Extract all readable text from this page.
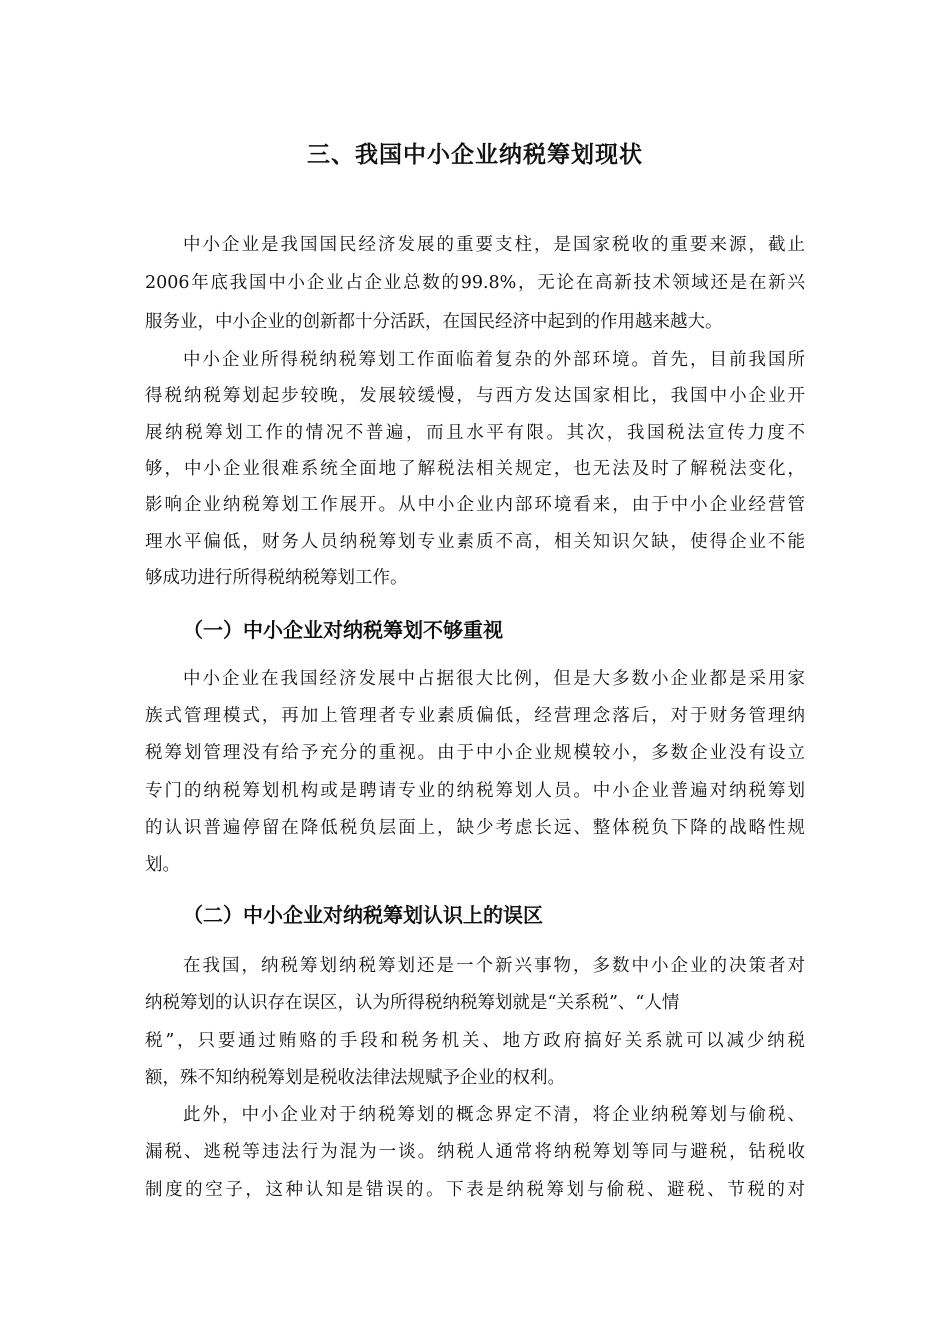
三、我国中小企业纳税筹划现状
中小企业是我国国民经济发展的重要支柱，是国家税收的重要来源，截止
2006年底我国中小企业占企业总数的99.8%，无论在高新技术领域还是在新兴
服务业，中小企业的创新都十分活跃，在国民经济中起到的作用越来越大。
中小企业所得税纳税筹划工作面临着复杂的外部环境。首先，目前我国所
得税纳税筹划起步较晚，发展较缓慢，与西方发达国家相比，我国中小企业开
展纳税筹划工作的情况不普遍，而且水平有限。其次，我国税法宣传力度不
够，中小企业很难系统全面地了解税法相关规定，也无法及时了解税法变化，
影响企业纳税筹划工作展开。从中小企业内部环境看来，由于中小企业经营管
理水平偏低，财务人员纳税筹划专业素质不高，相关知识欠缺，使得企业不能
够成功进行所得税纳税筹划工作。
（一）中小企业对纳税筹划不够重视
中小企业在我国经济发展中占据很大比例，但是大多数小企业都是采用家
族式管理模式，再加上管理者专业素质偏低，经营理念落后，对于财务管理纳
税筹划管理没有给予充分的重视。由于中小企业规模较小，多数企业没有设立
专门的纳税筹划机构或是聘请专业的纳税筹划人员。中小企业普遍对纳税筹划
的认识普遍停留在降低税负层面上，缺少考虑长远、整体税负下降的战略性规
划。
（二）中小企业对纳税筹划认识上的误区
在我国，纳税筹划纳税筹划还是一个新兴事物，多数中小企业的决策者对
纳税筹划的认识存在误区，认为所得税纳税筹划就是“关系税”、“人情
税”，只要通过贿赂的手段和税务机关、地方政府搞好关系就可以减少纳税
额，殊不知纳税筹划是税收法律法规赋予企业的权利。
此外，中小企业对于纳税筹划的概念界定不清，将企业纳税筹划与偷税、
漏税、逃税等违法行为混为一谈。纳税人通常将纳税筹划等同与避税，钻税收
制度的空子，这种认知是错误的。下表是纳税筹划与偷税、避税、节税的对
